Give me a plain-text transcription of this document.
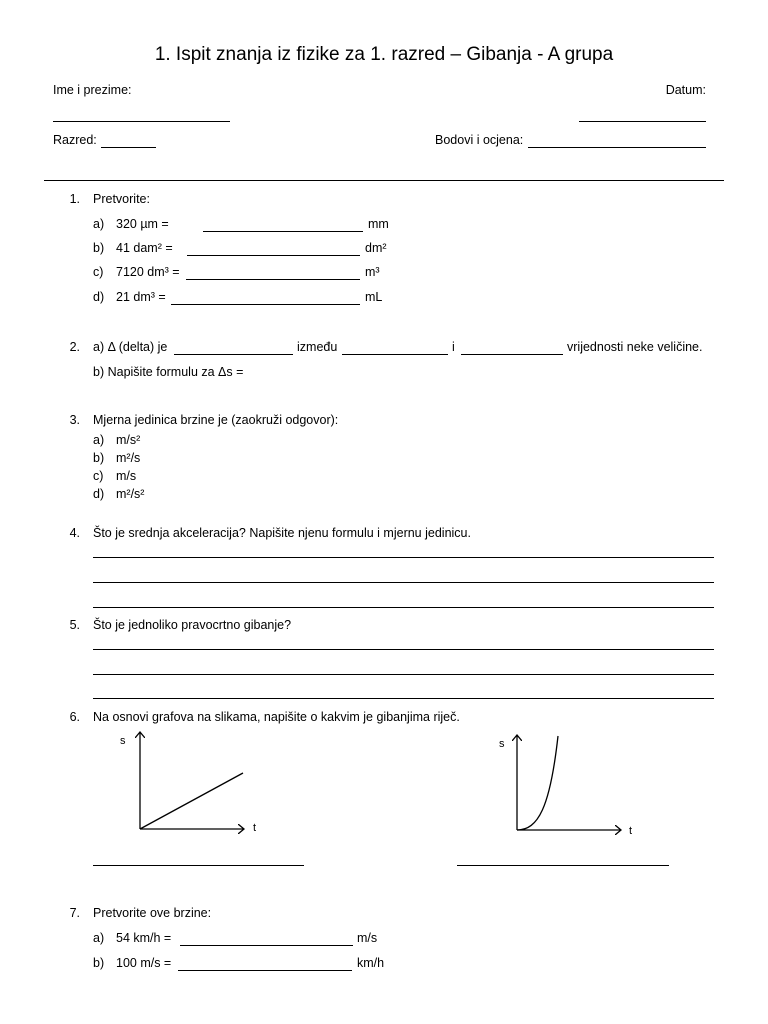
1. Ispit znanja iz fizike za 1. razred – Gibanja - A grupa
Ime i prezime:	Datum:
Razred:	Bodovi i ocjena:
1. Pretvorite:
a) 320 µm =	mm
b) 41 dam² =	dm²
c) 7120 dm³ =	m³
d) 21 dm³ =	mL
2. a) Δ (delta) je	između	i	vrijednosti neke veličine.
b) Napišite formulu za Δs =
3. Mjerna jedinica brzine je (zaokruži odgovor):
a) m/s²
b) m²/s
c) m/s
d) m²/s²
4. Što je srednja akceleracija? Napišite njenu formulu i mjernu jedinicu.
5. Što je jednoliko pravocrtno gibanje?
6. Na osnovi grafova na slikama, napišite o kakvim je gibanjima riječ.
s
t
s
t
7. Pretvorite ove brzine:
a) 54 km/h =	m/s
b) 100 m/s =	km/h
